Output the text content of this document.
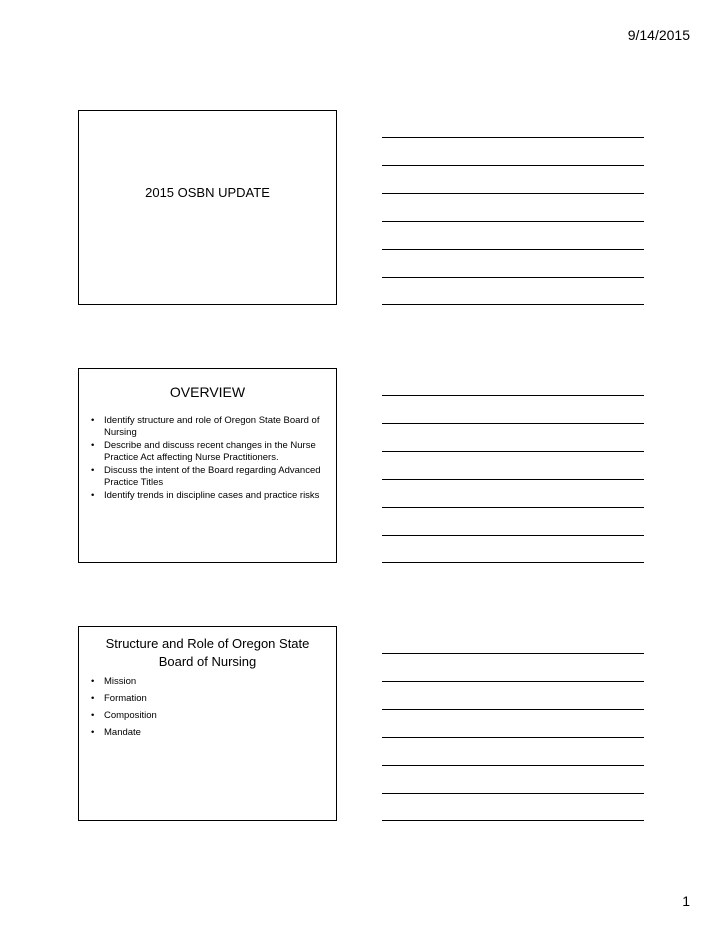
9/14/2015
2015 OSBN UPDATE
OVERVIEW
• Identify structure and role of Oregon State Board of Nursing
• Describe and discuss recent changes in the Nurse Practice Act affecting Nurse Practitioners.
• Discuss the intent of the Board regarding Advanced Practice Titles
• Identify trends in discipline cases and practice risks
Structure and Role of Oregon State Board of Nursing
• Mission
• Formation
• Composition
• Mandate
1
